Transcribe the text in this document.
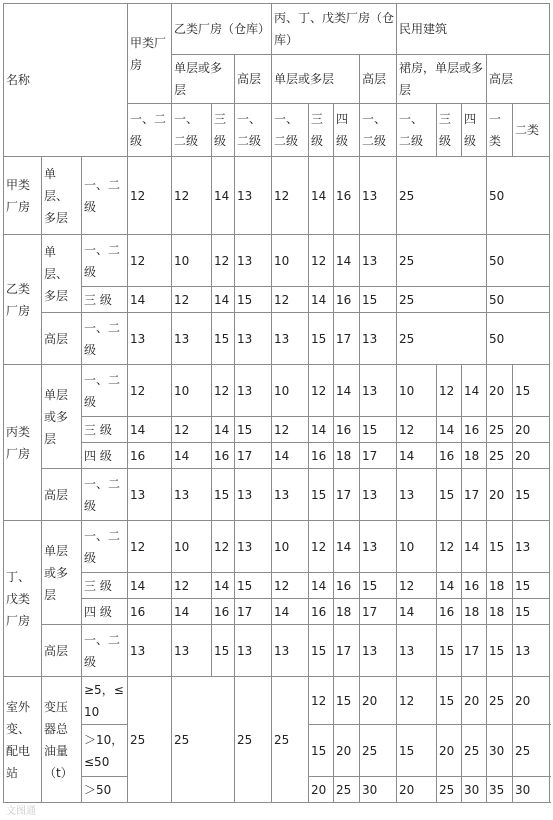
名称			甲类厂房	乙类厂房（仓库）			丙、丁、戊类厂房（仓库）				民用建筑				
				单层或多层		高层	单层或多层			高层	裙房，单层或多层			高层	
			一、二级	一、二级	三级	一、二级	一、二级	三级	四级	一、二级	一、二级	三级	四级	一类	二类
甲类厂房	单层、多层	一、二级	12	12	14	13	12	14	16	13	25			50	
乙类厂房	单层、多层	一、二级	12	10	12	13	10	12	14	13	25			50	
		三 级	14	12	14	15	12	14	16	15	25			50	
	高层	一、二级	13	13	15	13	13	15	17	13	25			50	
丙类厂房	单层或多层	一、二级	12	10	12	13	10	12	14	13	10	12	14	20	15
		三 级	14	12	14	15	12	14	16	15	12	14	16	25	20
		四 级	16	14	16	17	14	16	18	17	14	16	18	25	20
	高层	一、二级	13	13	15	13	13	15	17	13	13	15	17	20	15
丁、戊类厂房	单层或多层	一、二级	12	10	12	13	10	12	14	13	10	12	14	15	13
		三 级	14	12	14	15	12	14	16	15	12	14	16	18	15
		四 级	16	14	16	17	14	16	18	17	14	16	18	18	15
	高层	一、二级	13	13	15	13	13	15	17	13	13	15	17	15	13
室外变、配电站	变压器总油量（t）	≥5，≤10	25	25		25	25	12	15	20	12	15	20	25	20
		＞10，≤50						15	20	25	15	20	25	30	25
		＞50						20	25	30	20	25	30	35	30
文图通
